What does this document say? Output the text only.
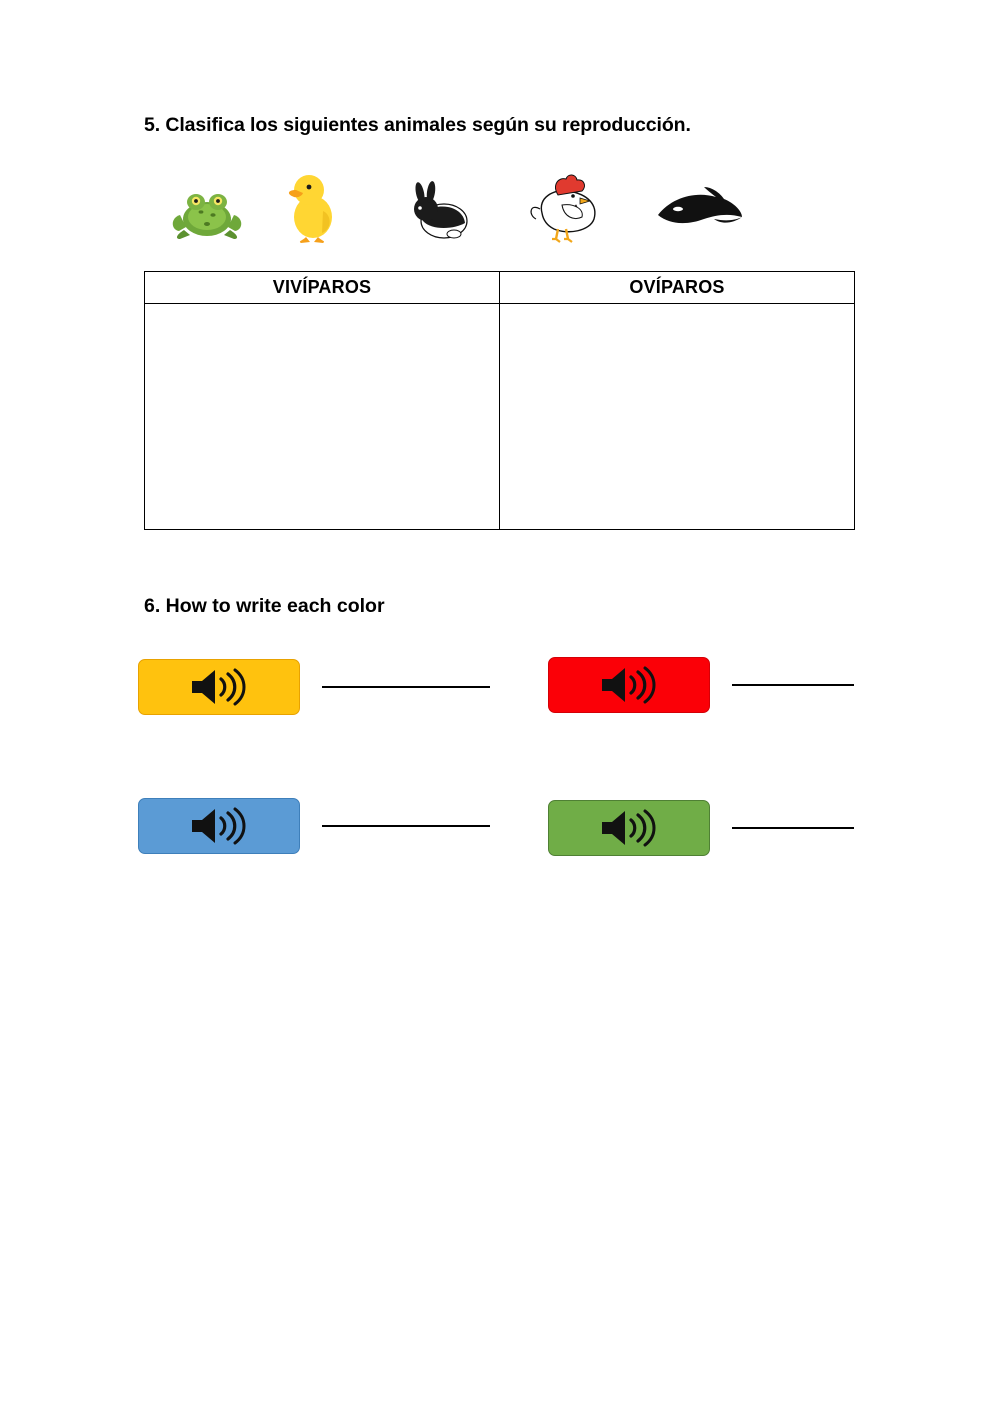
5. Clasifica los siguientes animales según su reproducción.
VIVÍPAROS	OVÍPAROS
6. How to write each color
